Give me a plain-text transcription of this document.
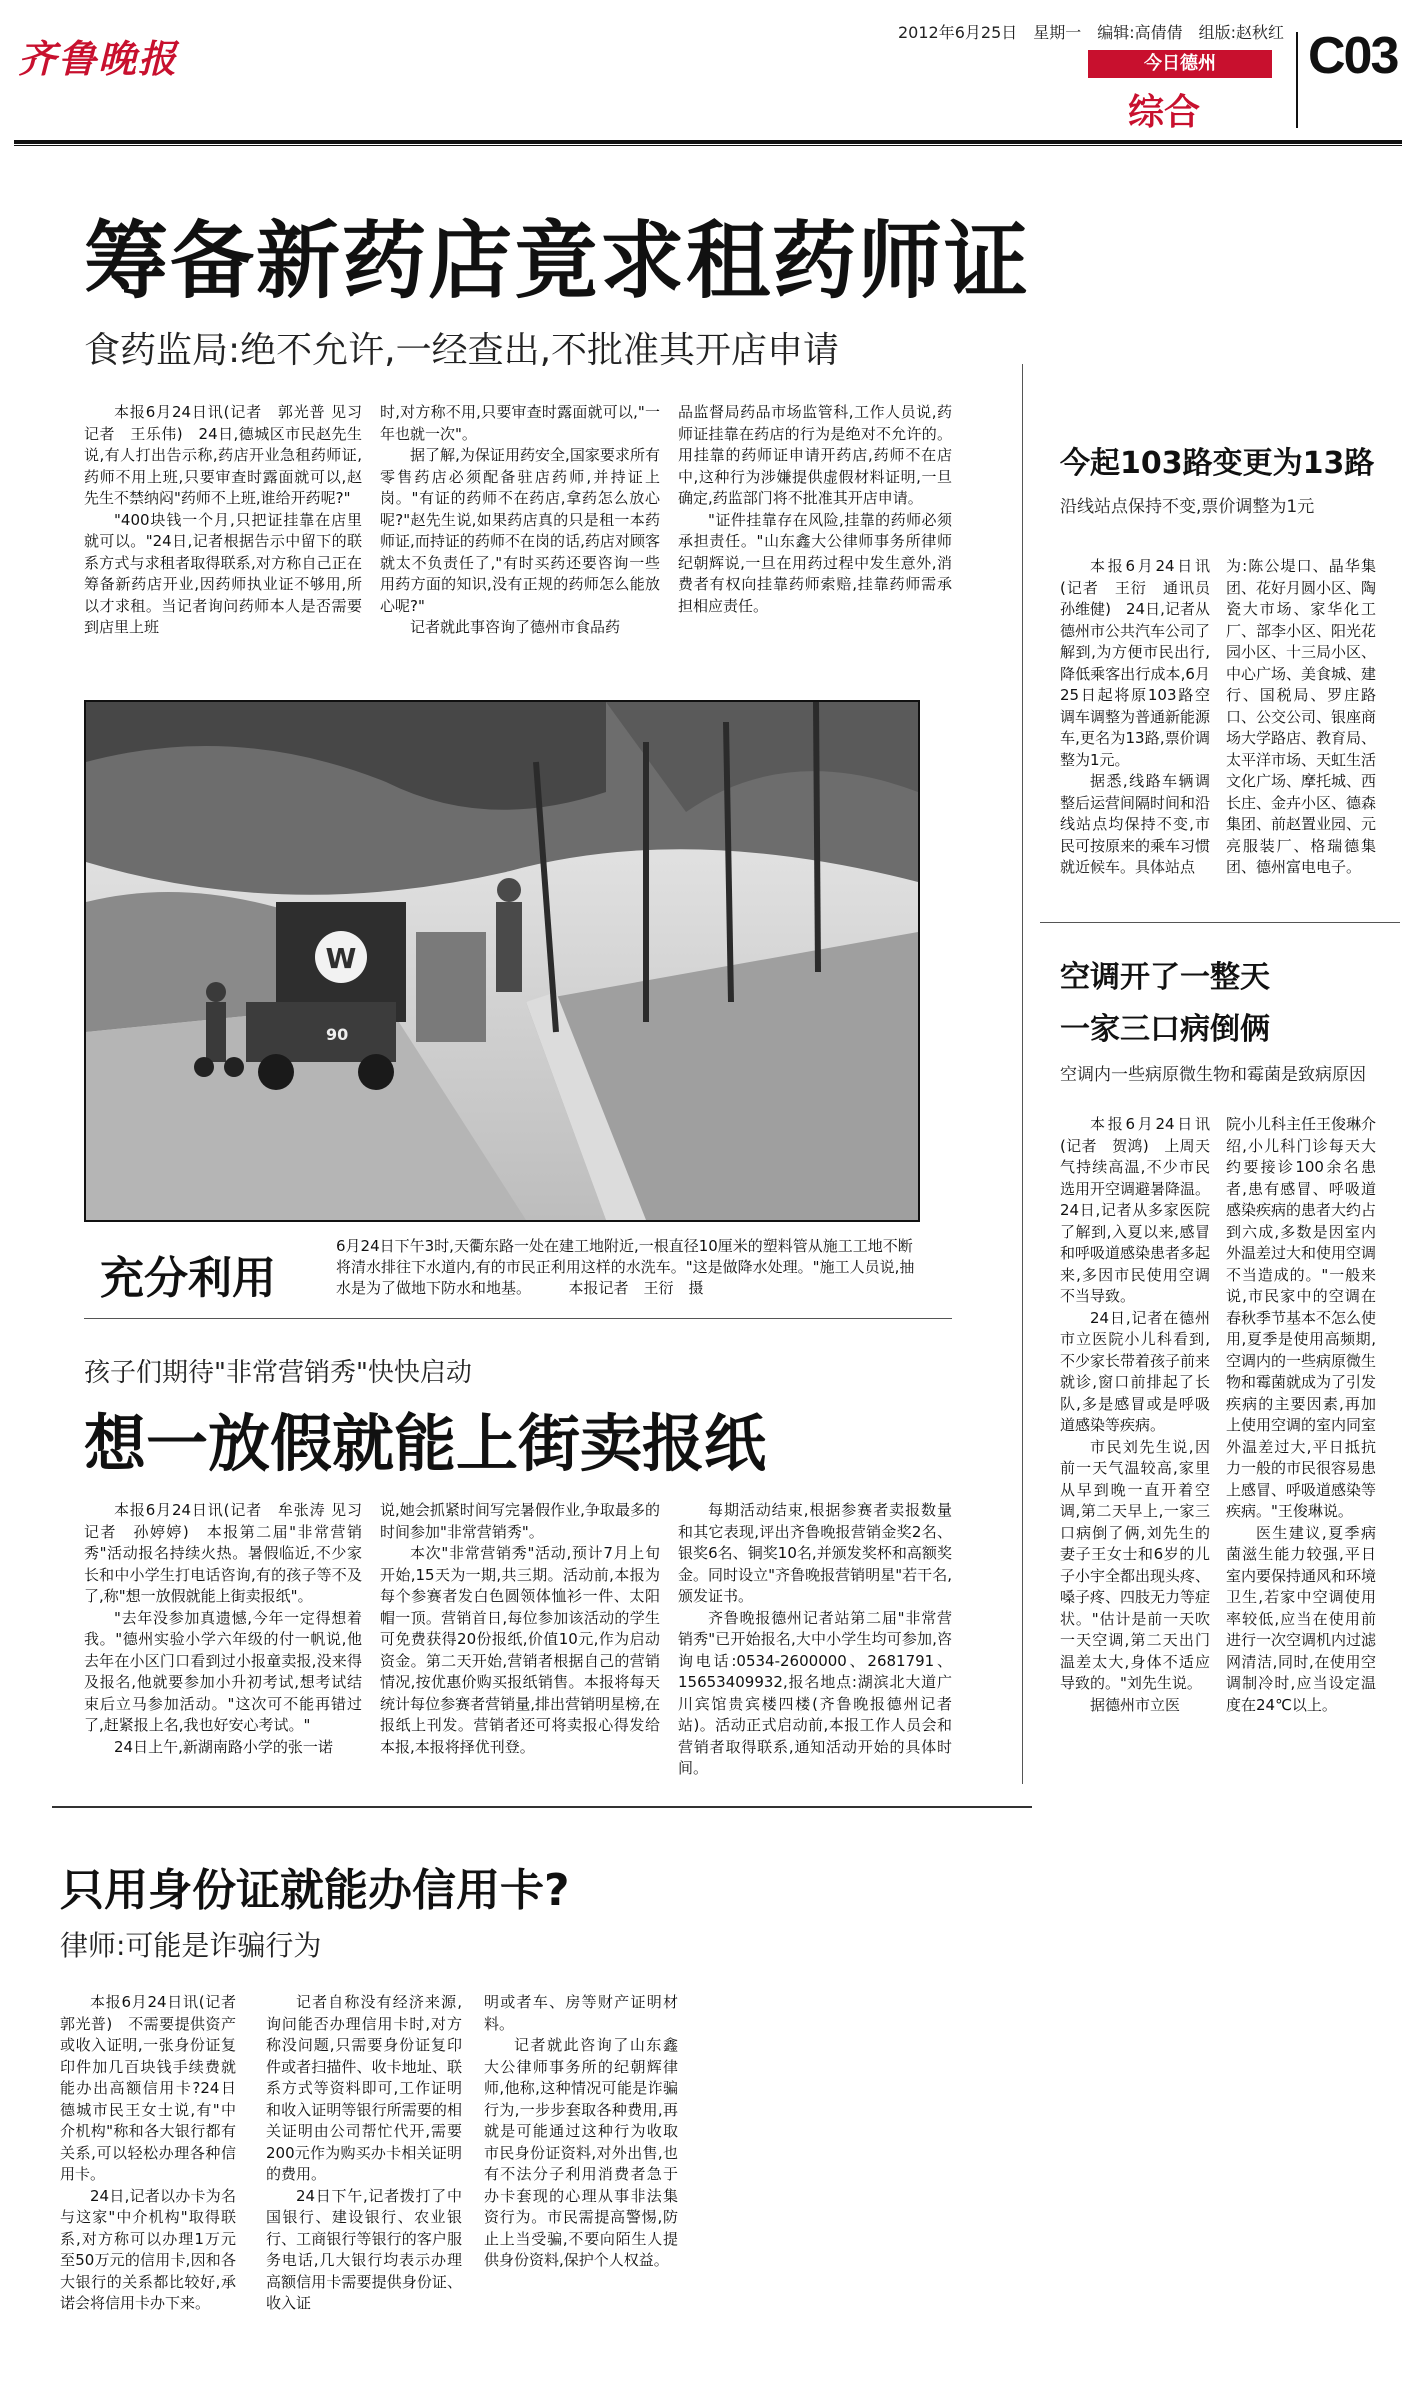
齐鲁晚报
2012年6月25日　星期一　编辑:高倩倩　组版:赵秋红
今日德州
综合
C03
筹备新药店竟求租药师证
食药监局:绝不允许,一经查出,不批准其开店申请

本报6月24日讯(记者　郭光普 见习记者　王乐伟)　24日,德城区市民赵先生说,有人打出告示称,药店开业急租药师证,药师不用上班,只要审查时露面就可以,赵先生不禁纳闷"药师不上班,谁给开药呢?"

"400块钱一个月,只把证挂靠在店里就可以。"24日,记者根据告示中留下的联系方式与求租者取得联系,对方称自己正在筹备新药店开业,因药师执业证不够用,所以才求租。当记者询问药师本人是否需要到店里上班

时,对方称不用,只要审查时露面就可以,"一年也就一次"。

据了解,为保证用药安全,国家要求所有零售药店必须配备驻店药师,并持证上岗。"有证的药师不在药店,拿药怎么放心呢?"赵先生说,如果药店真的只是租一本药师证,而持证的药师不在岗的话,药店对顾客就太不负责任了,"有时买药还要咨询一些用药方面的知识,没有正规的药师怎么能放心呢?"

记者就此事咨询了德州市食品药

品监督局药品市场监管科,工作人员说,药师证挂靠在药店的行为是绝对不允许的。用挂靠的药师证申请开药店,药师不在店中,这种行为涉嫌提供虚假材料证明,一旦确定,药监部门将不批准其开店申请。

"证件挂靠存在风险,挂靠的药师必须承担责任。"山东鑫大公律师事务所律师纪朝辉说,一旦在用药过程中发生意外,消费者有权向挂靠药师索赔,挂靠药师需承担相应责任。

今起103路变更为13路
沿线站点保持不变,票价调整为1元

本报6月24日讯(记者　王衍　通讯员　孙维健)　24日,记者从德州市公共汽车公司了解到,为方便市民出行,降低乘客出行成本,6月25日起将原103路空调车调整为普通新能源车,更名为13路,票价调整为1元。

据悉,线路车辆调整后运营间隔时间和沿线站点均保持不变,市民可按原来的乘车习惯就近候车。具体站点

为:陈公堤口、晶华集团、花好月圆小区、陶瓷大市场、家华化工厂、部李小区、阳光花园小区、十三局小区、中心广场、美食城、建行、国税局、罗庄路口、公交公司、银座商场大学路店、教育局、太平洋市场、天虹生活文化广场、摩托城、西长庄、金卉小区、德森集团、前赵置业园、元亮服装厂、格瑞德集团、德州富电电子。

空调开了一整天
一家三口病倒俩
空调内一些病原微生物和霉菌是致病原因

本报6月24日讯(记者　贺鸿)　上周天气持续高温,不少市民选用开空调避暑降温。24日,记者从多家医院了解到,入夏以来,感冒和呼吸道感染患者多起来,多因市民使用空调不当导致。

24日,记者在德州市立医院小儿科看到,不少家长带着孩子前来就诊,窗口前排起了长队,多是感冒或是呼吸道感染等疾病。

市民刘先生说,因前一天气温较高,家里从早到晚一直开着空调,第二天早上,一家三口病倒了俩,刘先生的妻子王女士和6岁的儿子小宇全都出现头疼、嗓子疼、四肢无力等症状。"估计是前一天吹一天空调,第二天出门温差太大,身体不适应导致的。"刘先生说。

据德州市立医

院小儿科主任王俊琳介绍,小儿科门诊每天大约要接诊100余名患者,患有感冒、呼吸道感染疾病的患者大约占到六成,多数是因室内外温差过大和使用空调不当造成的。"一般来说,市民家中的空调在春秋季节基本不怎么使用,夏季是使用高频期,空调内的一些病原微生物和霉菌就成为了引发疾病的主要因素,再加上使用空调的室内同室外温差过大,平日抵抗力一般的市民很容易患上感冒、呼吸道感染等疾病。"王俊琳说。

医生建议,夏季病菌滋生能力较强,平日室内要保持通风和环境卫生,若家中空调使用率较低,应当在使用前进行一次空调机内过滤网清洁,同时,在使用空调制冷时,应当设定温度在24℃以上。

W
90
充分利用
6月24日下午3时,天衢东路一处在建工地附近,一根直径10厘米的塑料管从施工工地不断将清水排往下水道内,有的市民正利用这样的水洗车。"这是做降水处理。"施工人员说,抽水是为了做地下防水和地基。　　　本报记者　王衍　摄
孩子们期待"非常营销秀"快快启动
想一放假就能上街卖报纸

本报6月24日讯(记者　牟张涛 见习记者　孙婷婷)　本报第二届"非常营销秀"活动报名持续火热。暑假临近,不少家长和中小学生打电话咨询,有的孩子等不及了,称"想一放假就能上街卖报纸"。

"去年没参加真遗憾,今年一定得想着我。"德州实验小学六年级的付一帆说,他去年在小区门口看到过小报童卖报,没来得及报名,他就要参加小升初考试,想考试结束后立马参加活动。"这次可不能再错过了,赶紧报上名,我也好安心考试。"

24日上午,新湖南路小学的张一诺

说,她会抓紧时间写完暑假作业,争取最多的时间参加"非常营销秀"。

本次"非常营销秀"活动,预计7月上旬开始,15天为一期,共三期。活动前,本报为每个参赛者发白色圆领体恤衫一件、太阳帽一顶。营销首日,每位参加该活动的学生可免费获得20份报纸,价值10元,作为启动资金。第二天开始,营销者根据自己的营销情况,按优惠价购买报纸销售。本报将每天统计每位参赛者营销量,排出营销明星榜,在报纸上刊发。营销者还可将卖报心得发给本报,本报将择优刊登。

每期活动结束,根据参赛者卖报数量和其它表现,评出齐鲁晚报营销金奖2名、银奖6名、铜奖10名,并颁发奖杯和高额奖金。同时设立"齐鲁晚报营销明星"若干名,颁发证书。

齐鲁晚报德州记者站第二届"非常营销秀"已开始报名,大中小学生均可参加,咨询电话:0534-2600000、2681791、15653409932,报名地点:湖滨北大道广川宾馆贵宾楼四楼(齐鲁晚报德州记者站)。活动正式启动前,本报工作人员会和营销者取得联系,通知活动开始的具体时间。

只用身份证就能办信用卡?
律师:可能是诈骗行为

本报6月24日讯(记者　郭光普)　不需要提供资产或收入证明,一张身份证复印件加几百块钱手续费就能办出高额信用卡?24日德城市民王女士说,有"中介机构"称和各大银行都有关系,可以轻松办理各种信用卡。

24日,记者以办卡为名与这家"中介机构"取得联系,对方称可以办理1万元至50万元的信用卡,因和各大银行的关系都比较好,承诺会将信用卡办下来。

记者自称没有经济来源,询问能否办理信用卡时,对方称没问题,只需要身份证复印件或者扫描件、收卡地址、联系方式等资料即可,工作证明和收入证明等银行所需要的相关证明由公司帮忙代开,需要200元作为购买办卡相关证明的费用。

24日下午,记者拨打了中国银行、建设银行、农业银行、工商银行等银行的客户服务电话,几大银行均表示办理高额信用卡需要提供身份证、收入证

明或者车、房等财产证明材料。

记者就此咨询了山东鑫大公律师事务所的纪朝辉律师,他称,这种情况可能是诈骗行为,一步步套取各种费用,再就是可能通过这种行为收取市民身份证资料,对外出售,也有不法分子利用消费者急于办卡套现的心理从事非法集资行为。市民需提高警惕,防止上当受骗,不要向陌生人提供身份资料,保护个人权益。
